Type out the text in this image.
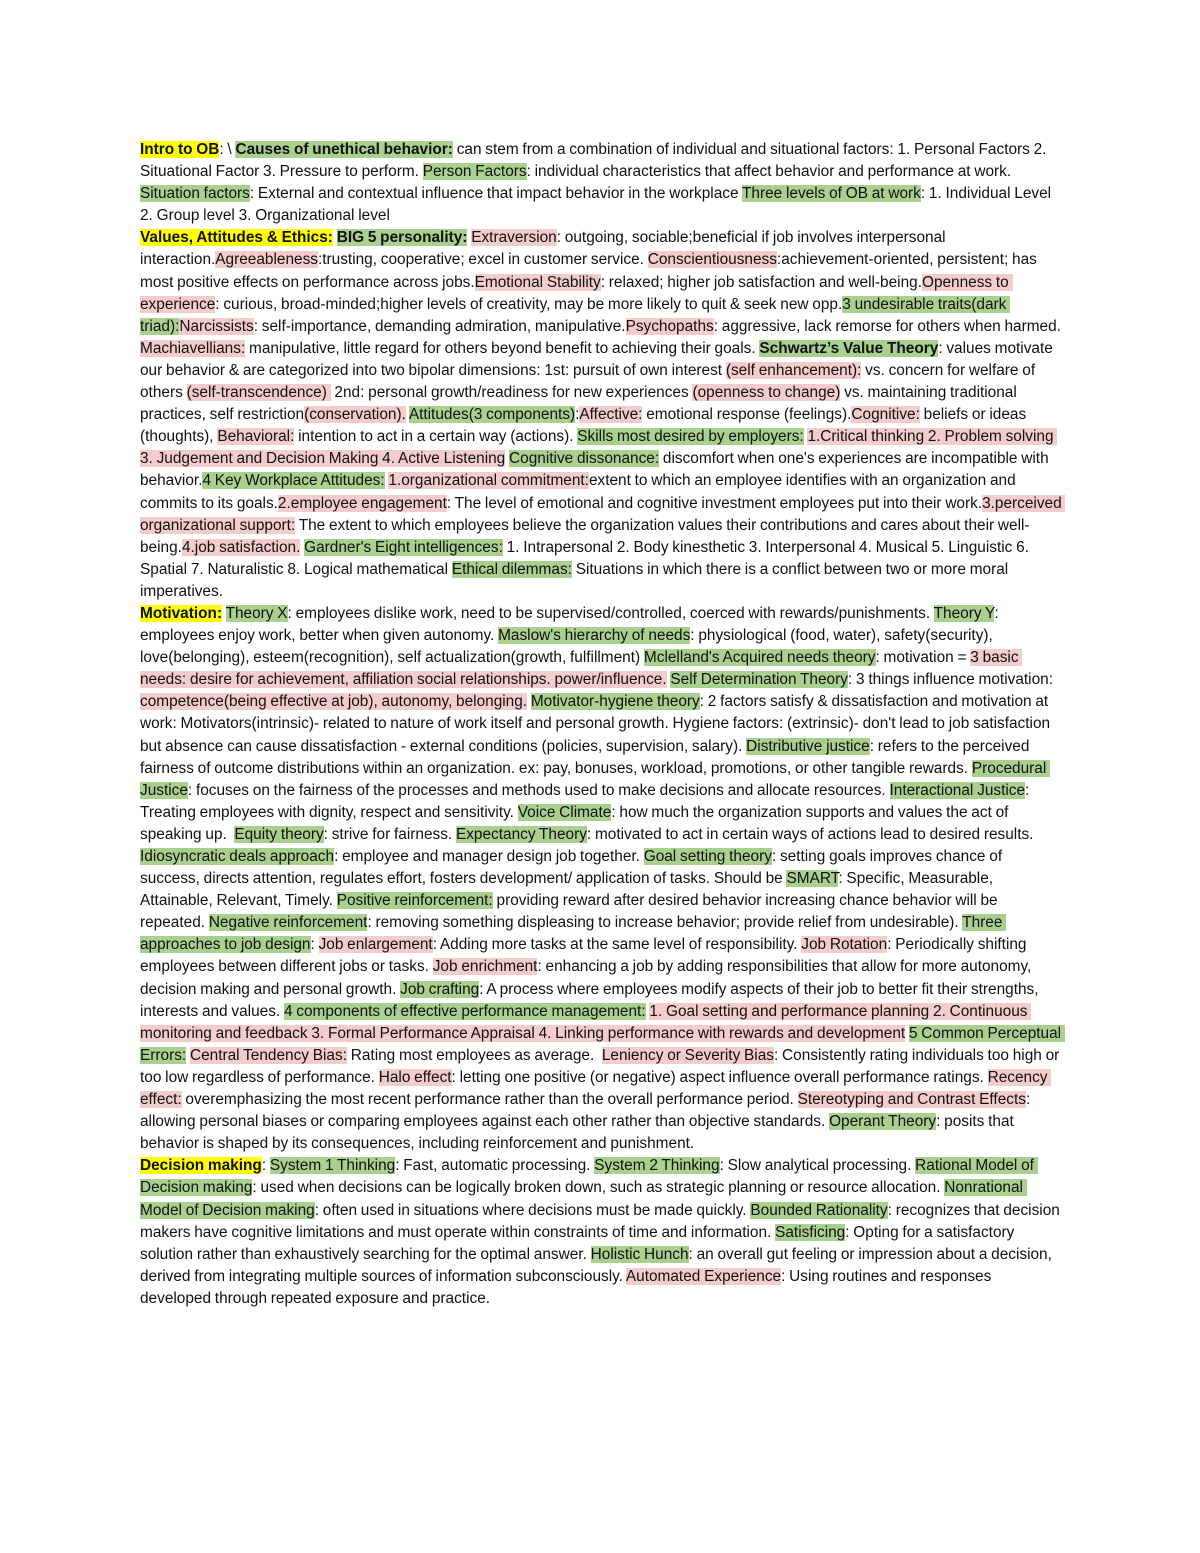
Intro to OB: \ Causes of unethical behavior: can stem from a combination of individual and situational factors: 1. Personal Factors 2. Situational Factor 3. Pressure to perform. Person Factors: individual characteristics that affect behavior and performance at work. Situation factors: External and contextual influence that impact behavior in the workplace Three levels of OB at work: 1. Individual Level 2. Group level 3. Organizational level

Values, Attitudes & Ethics: BIG 5 personality: Extraversion: outgoing, sociable;beneficial if job involves interpersonal interaction.Agreeableness:trusting, cooperative; excel in customer service. Conscientiousness:achievement-oriented, persistent; has most positive effects on performance across jobs.Emotional Stability: relaxed; higher job satisfaction and well-being.Openness to experience: curious, broad-minded;higher levels of creativity, may be more likely to quit & seek new opp.3 undesirable traits(dark triad):Narcissists: self-importance, demanding admiration, manipulative.Psychopaths: aggressive, lack remorse for others when harmed. Machiavellians: manipulative, little regard for others beyond benefit to achieving their goals. Schwartz’s Value Theory: values motivate our behavior & are categorized into two bipolar dimensions: 1st: pursuit of own interest (self enhancement): vs. concern for welfare of others (self-transcendence)  2nd: personal growth/readiness for new experiences (openness to change) vs. maintaining traditional practices, self restriction(conservation). Attitudes(3 components):Affective: emotional response (feelings).Cognitive: beliefs or ideas (thoughts), Behavioral: intention to act in a certain way (actions). Skills most desired by employers: 1.Critical thinking 2. Problem solving 3. Judgement and Decision Making 4. Active Listening Cognitive dissonance: discomfort when one's experiences are incompatible with behavior.4 Key Workplace Attitudes: 1.organizational commitment:extent to which an employee identifies with an organization and commits to its goals.2.employee engagement: The level of emotional and cognitive investment employees put into their work.3.perceived organizational support: The extent to which employees believe the organization values their contributions and cares about their well-being.4.job satisfaction. Gardner's Eight intelligences: 1. Intrapersonal 2. Body kinesthetic 3. Interpersonal 4. Musical 5. Linguistic 6. Spatial 7. Naturalistic 8. Logical mathematical Ethical dilemmas: Situations in which there is a conflict between two or more moral imperatives.

Motivation: Theory X: employees dislike work, need to be supervised/controlled, coerced with rewards/punishments. Theory Y: employees enjoy work, better when given autonomy. Maslow's hierarchy of needs: physiological (food, water), safety(security), love(belonging), esteem(recognition), self actualization(growth, fulfillment) Mclelland's Acquired needs theory: motivation = 3 basic needs: desire for achievement, affiliation social relationships. power/influence. Self Determination Theory: 3 things influence motivation: competence(being effective at job), autonomy, belonging. Motivator-hygiene theory: 2 factors satisfy & dissatisfaction and motivation at work: Motivators(intrinsic)- related to nature of work itself and personal growth. Hygiene factors: (extrinsic)- don't lead to job satisfaction but absence can cause dissatisfaction - external conditions (policies, supervision, salary). Distributive justice: refers to the perceived fairness of outcome distributions within an organization. ex: pay, bonuses, workload, promotions, or other tangible rewards. Procedural Justice: focuses on the fairness of the processes and methods used to make decisions and allocate resources. Interactional Justice: Treating employees with dignity, respect and sensitivity. Voice Climate: how much the organization supports and values the act of speaking up.  Equity theory: strive for fairness. Expectancy Theory: motivated to act in certain ways of actions lead to desired results. Idiosyncratic deals approach: employee and manager design job together. Goal setting theory: setting goals improves chance of success, directs attention, regulates effort, fosters development/ application of tasks. Should be SMART: Specific, Measurable, Attainable, Relevant, Timely. Positive reinforcement: providing reward after desired behavior increasing chance behavior will be repeated. Negative reinforcement: removing something displeasing to increase behavior; provide relief from undesirable). Three approaches to job design: Job enlargement: Adding more tasks at the same level of responsibility. Job Rotation: Periodically shifting employees between different jobs or tasks. Job enrichment: enhancing a job by adding responsibilities that allow for more autonomy, decision making and personal growth. Job crafting: A process where employees modify aspects of their job to better fit their strengths, interests and values. 4 components of effective performance management: 1. Goal setting and performance planning 2. Continuous monitoring and feedback 3. Formal Performance Appraisal 4. Linking performance with rewards and development 5 Common Perceptual Errors: Central Tendency Bias: Rating most employees as average.  Leniency or Severity Bias: Consistently rating individuals too high or too low regardless of performance. Halo effect: letting one positive (or negative) aspect influence overall performance ratings. Recency effect: overemphasizing the most recent performance rather than the overall performance period. Stereotyping and Contrast Effects: allowing personal biases or comparing employees against each other rather than objective standards. Operant Theory: posits that behavior is shaped by its consequences, including reinforcement and punishment.

Decision making: System 1 Thinking: Fast, automatic processing. System 2 Thinking: Slow analytical processing. Rational Model of Decision making: used when decisions can be logically broken down, such as strategic planning or resource allocation. Nonrational Model of Decision making: often used in situations where decisions must be made quickly. Bounded Rationality: recognizes that decision makers have cognitive limitations and must operate within constraints of time and information. Satisficing: Opting for a satisfactory solution rather than exhaustively searching for the optimal answer. Holistic Hunch: an overall gut feeling or impression about a decision, derived from integrating multiple sources of information subconsciously. Automated Experience: Using routines and responses developed through repeated exposure and practice.
